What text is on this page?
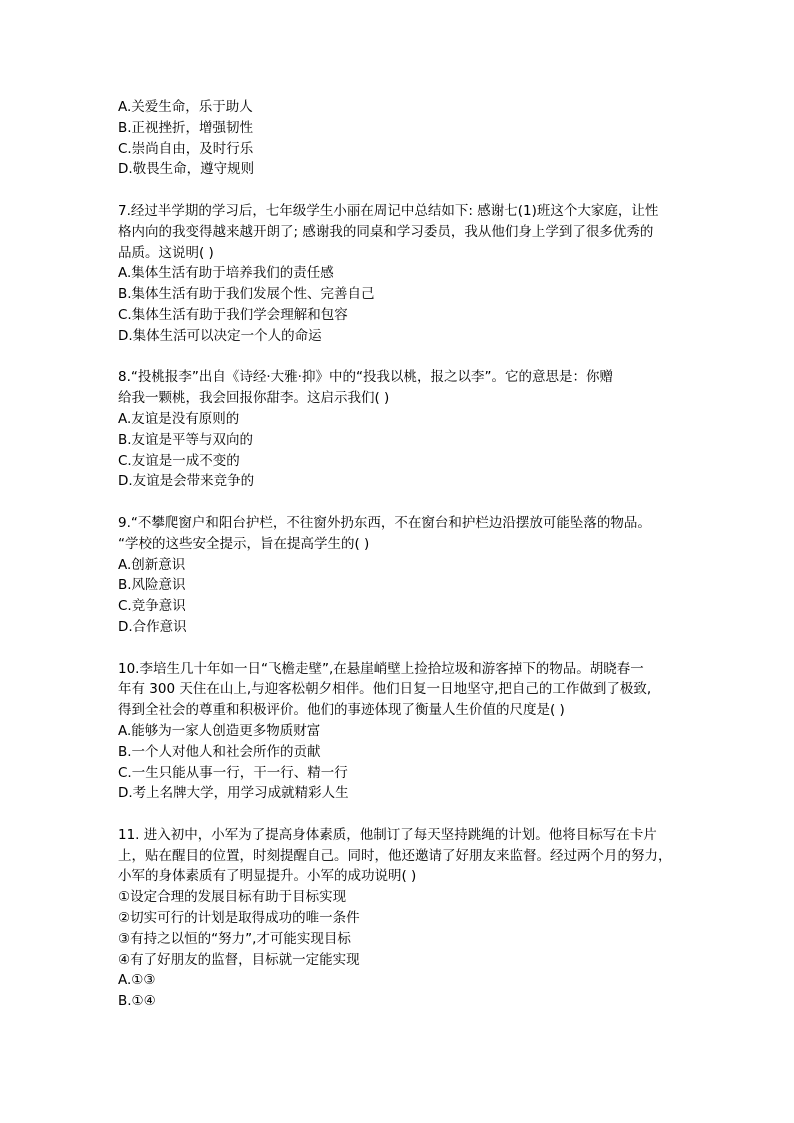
A.关爱生命，乐于助人
B.正视挫折，增强韧性
C.崇尚自由，及时行乐
D.敬畏生命，遵守规则
7.经过半学期的学习后，七年级学生小丽在周记中总结如下: 感谢七(1)班这个大家庭，让性
格内向的我变得越来越开朗了; 感谢我的同桌和学习委员，我从他们身上学到了很多优秀的
品质。这说明( )
A.集体生活有助于培养我们的责任感
B.集体生活有助于我们发展个性、完善自己
C.集体生活有助于我们学会理解和包容
D.集体生活可以决定一个人的命运
8.“投桃报李”出自《诗经·大雅·抑》中的“投我以桃，报之以李”。它的意思是：你赠
给我一颗桃，我会回报你甜李。这启示我们( )
A.友谊是没有原则的
B.友谊是平等与双向的
C.友谊是一成不变的
D.友谊是会带来竞争的
9.“不攀爬窗户和阳台护栏，不往窗外扔东西，不在窗台和护栏边沿摆放可能坠落的物品。
“学校的这些安全提示，旨在提高学生的( )
A.创新意识
B.风险意识
C.竞争意识
D.合作意识
10.李培生几十年如一日“飞檐走壁”,在悬崖峭壁上捡拾垃圾和游客掉下的物品。胡晓春一
年有 300 天住在山上,与迎客松朝夕相伴。他们日复一日地坚守,把自己的工作做到了极致,
得到全社会的尊重和积极评价。他们的事迹体现了衡量人生价值的尺度是( )
A.能够为一家人创造更多物质财富
B.一个人对他人和社会所作的贡献
C.一生只能从事一行，干一行、精一行
D.考上名牌大学，用学习成就精彩人生
11. 进入初中，小军为了提高身体素质，他制订了每天坚持跳绳的计划。他将目标写在卡片
上，贴在醒目的位置，时刻提醒自己。同时，他还邀请了好朋友来监督。经过两个月的努力，
小军的身体素质有了明显提升。小军的成功说明( )
①设定合理的发展目标有助于目标实现
②切实可行的计划是取得成功的唯一条件
③有持之以恒的“努力”,才可能实现目标
④有了好朋友的监督，目标就一定能实现
A.①③
B.①④
